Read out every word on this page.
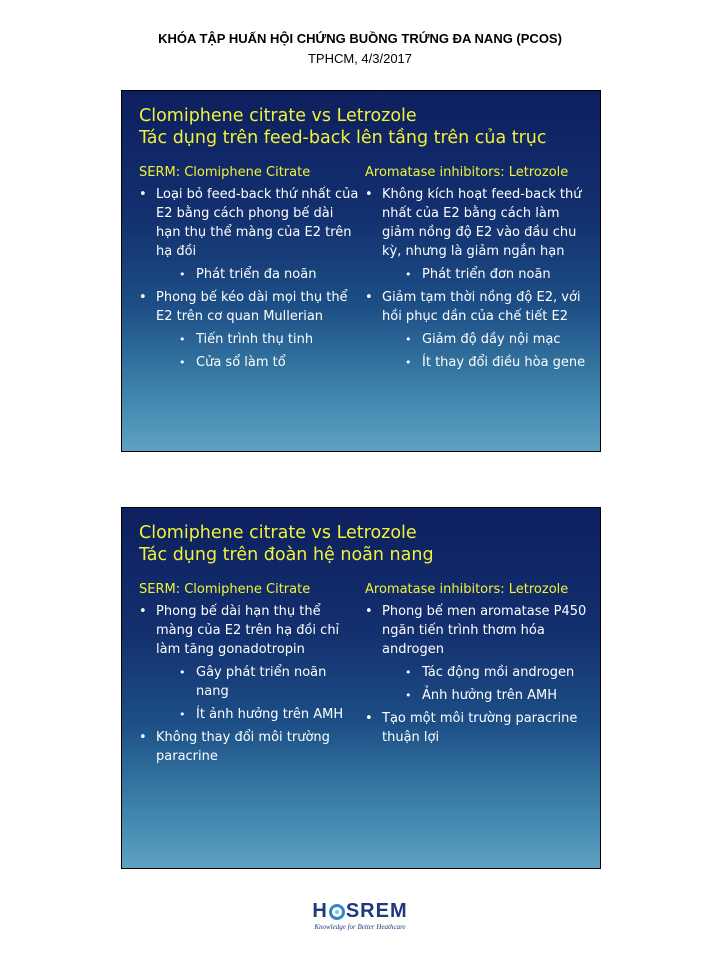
KHÓA TẬP HUẤN HỘI CHỨNG BUỒNG TRỨNG ĐA NANG (PCOS)
TPHCM, 4/3/2017
Clomiphene citrate vs Letrozole
Tác dụng trên feed-back lên tầng trên của trục
SERM: Clomiphene Citrate
• Loại bỏ feed-back thứ nhất của E2 bằng cách phong bế dài hạn thụ thể màng của E2 trên hạ đồi
• Phát triển đa noãn
• Phong bế kéo dài mọi thụ thể E2 trên cơ quan Mullerian
• Tiến trình thụ tinh
• Cửa sổ làm tổ
Aromatase inhibitors: Letrozole
• Không kích hoạt feed-back thứ nhất của E2 bằng cách làm giảm nồng độ E2 vào đầu chu kỳ, nhưng là giảm ngắn hạn
• Phát triển đơn noãn
• Giảm tạm thời nồng độ E2, với hồi phục dần của chế tiết E2
• Giảm độ dầy nội mạc
• Ít thay đổi điều hòa gene
Clomiphene citrate vs Letrozole
Tác dụng trên đoàn hệ noãn nang
SERM: Clomiphene Citrate
• Phong bế dài hạn thụ thể màng của E2 trên hạ đồi chỉ làm tăng gonadotropin
• Gây phát triển noãn nang
• Ít ảnh hưởng trên AMH
• Không thay đổi môi trường paracrine
Aromatase inhibitors: Letrozole
• Phong bế men aromatase P450 ngăn tiến trình thơm hóa androgen
• Tác động mồi androgen
• Ảnh hưởng trên AMH
• Tạo một môi trường paracrine thuận lợi
H SREM
Knowledge for Better Heathcare
